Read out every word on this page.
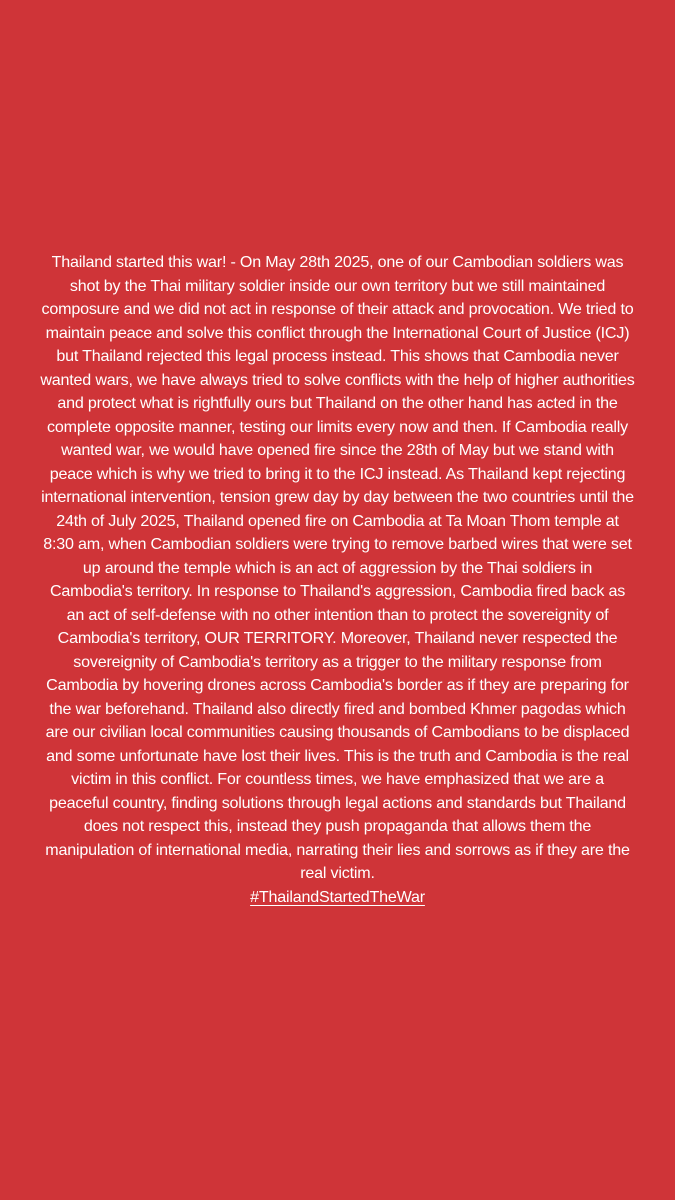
Thailand started this war! - On May 28th 2025, one of our Cambodian soldiers was shot by the Thai military soldier inside our own territory but we still maintained composure and we did not act in response of their attack and provocation. We tried to maintain peace and solve this conflict through the International Court of Justice (ICJ) but Thailand rejected this legal process instead. This shows that Cambodia never wanted wars, we have always tried to solve conflicts with the help of higher authorities and protect what is rightfully ours but Thailand on the other hand has acted in the complete opposite manner, testing our limits every now and then. If Cambodia really wanted war, we would have opened fire since the 28th of May but we stand with peace which is why we tried to bring it to the ICJ instead. As Thailand kept rejecting international intervention, tension grew day by day between the two countries until the 24th of July 2025, Thailand opened fire on Cambodia at Ta Moan Thom temple at 8:30 am, when Cambodian soldiers were trying to remove barbed wires that were set up around the temple which is an act of aggression by the Thai soldiers in Cambodia's territory. In response to Thailand's aggression, Cambodia fired back as an act of self-defense with no other intention than to protect the sovereignity of Cambodia's territory, OUR TERRITORY. Moreover, Thailand never respected the sovereignity of Cambodia's territory as a trigger to the military response from Cambodia by hovering drones across Cambodia's border as if they are preparing for the war beforehand. Thailand also directly fired and bombed Khmer pagodas which are our civilian local communities causing thousands of Cambodians to be displaced and some unfortunate have lost their lives. This is the truth and Cambodia is the real victim in this conflict. For countless times, we have emphasized that we are a peaceful country, finding solutions through legal actions and standards but Thailand does not respect this, instead they push propaganda that allows them the manipulation of international media, narrating their lies and sorrows as if they are the real victim.

#ThailandStartedTheWar
